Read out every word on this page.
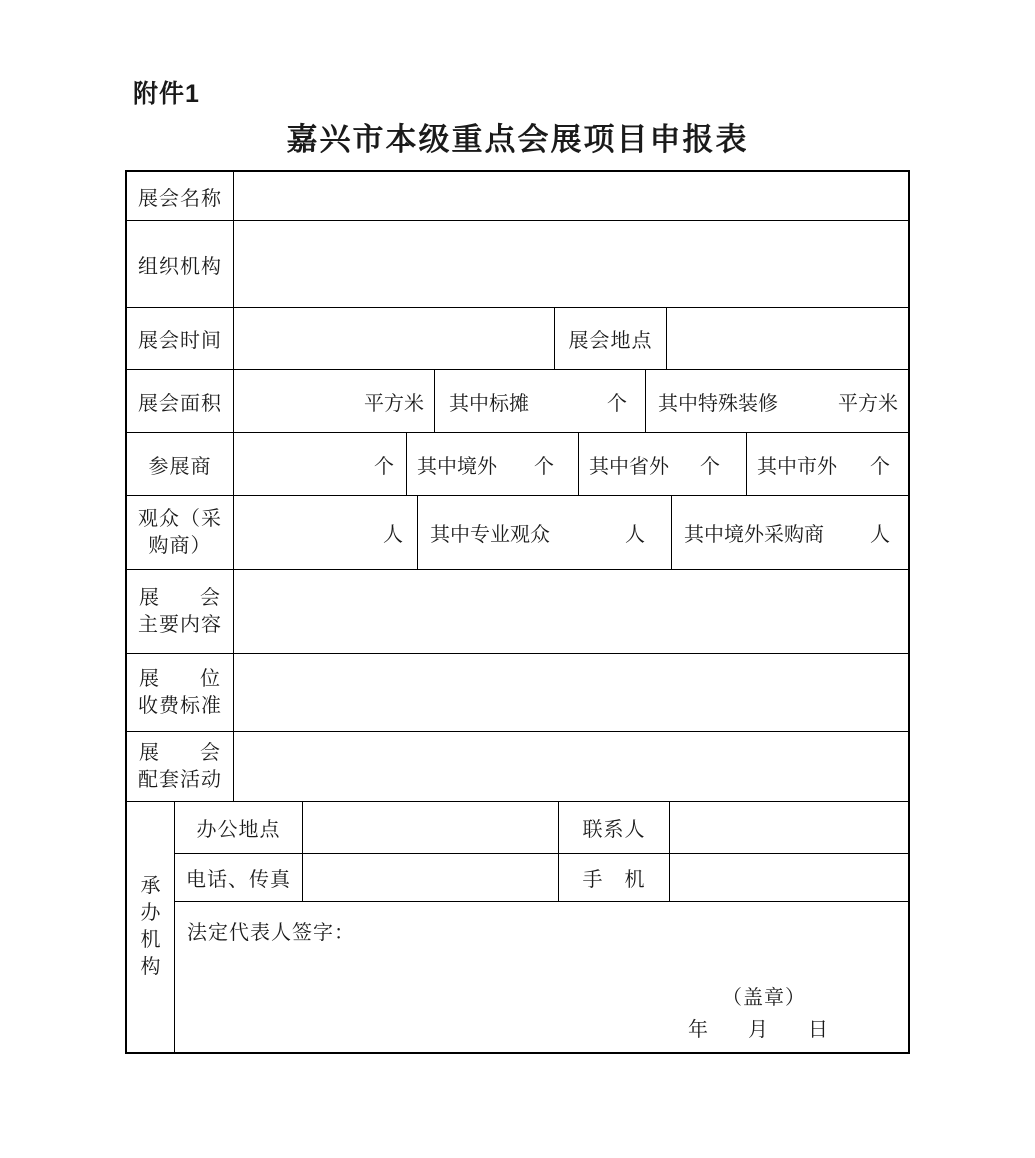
附件1
嘉兴市本级重点会展项目申报表
展会名称
组织机构
展会时间	展会地点
展会面积	平方米 其中标摊	个 其中特殊装修	平方米
参展商	个 其中境外 个 其中省外 个 其中市外 个
观众（采
购商）	人 其中专业观众	人 其中境外采购商 人
展 会
主要内容
展 位
收费标准
展 会
配套活动
承
办
机
构
办公地点	联系人
电话、传真	手　机
法定代表人签字：
（盖章）
年　　月　　日
